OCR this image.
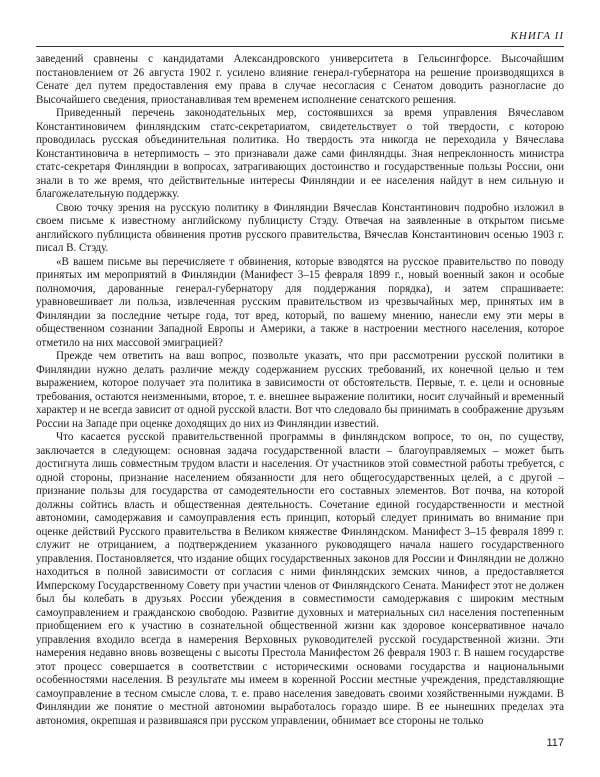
КНИГА II

заведений сравнены с кандидатами Александровского университета в Гельсингфорсе. Высочайшим постановлением от 26 августа 1902 г. усилено влияние генерал-губернатора на решение производящихся в Сенате дел путем предоставления ему права в случае несогласия с Сенатом доводить разногласие до Высочайшего сведения, приостанавливая тем временем исполнение сенатского решения.

Приведенный перечень законодательных мер, состоявшихся за время управления Вячеславом Константиновичем финляндским статс-секретариатом, свидетельствует о той твердости, с которою проводилась русская объединительная политика. Но твердость эта никогда не переходила у Вячеслава Константиновича в нетерпимость – это признавали даже сами финляндцы. Зная непреклонность министра статс-секретаря Финляндии в вопросах, затрагивающих достоинство и государственные пользы России, они знали в то же время, что действительные интересы Финляндии и ее населения найдут в нем сильную и благожелательную поддержку.

Свою точку зрения на русскую политику в Финляндии Вячеслав Константинович подробно изложил в своем письме к известному английскому публицисту Стэду. Отвечая на заявленные в открытом письме английского публициста обвинения против русского правительства, Вячеслав Константинович осенью 1903 г. писал В. Стэду.

«В вашем письме вы перечисляете т обвинения, которые взводятся на русское правительство по поводу принятых им мероприятий в Финляндии (Манифест 3–15 февраля 1899 г., новый военный закон и особые полномочия, дарованные генерал-губернатору для поддержания порядка), и затем спрашиваете: уравновешивает ли польза, извлеченная русским правительством из чрезвычайных мер, принятых им в Финляндии за последние четыре года, тот вред, который, по вашему мнению, нанесли ему эти меры в общественном сознании Западной Европы и Америки, а также в настроении местного населения, которое отметило на них массовой эмиграцией?

Прежде чем ответить на ваш вопрос, позвольте указать, что при рассмотрении русской политики в Финляндии нужно делать различие между содержанием русских требований, их конечной целью и тем выражением, которое получает эта политика в зависимости от обстоятельств. Первые, т. е. цели и основные требования, остаются неизменными, второе, т. е. внешнее выражение политики, носит случайный и временный характер и не всегда зависит от одной русской власти. Вот что следовало бы принимать в соображение друзьям России на Западе при оценке доходящих до них из Финляндии известий.

Что касается русской правительственной программы в финляндском вопросе, то он, по существу, заключается в следующем: основная задача государственной власти – благоуправляемых – может быть достигнута лишь совместным трудом власти и населения. От участников этой совместной работы требуется, с одной стороны, признание населением обязанности для него общегосударственных целей, а с другой – признание пользы для государства от самодеятельности его составных элементов. Вот почва, на которой должны сойтись власть и общественная деятельность. Сочетание единой государственности и местной автономии, самодержавия и самоуправления есть принцип, который следует принимать во внимание при оценке действий Русского правительства в Великом княжестве Финляндском. Манифест 3–15 февраля 1899 г. служит не отрицанием, а подтверждением указанного руководящего начала нашего государственного управления. Постановляется, что издание общих государственных законов для России и Финляндии не должно находиться в полной зависимости от согласия с ними финляндских земских чинов, а предоставляется Имперскому Государственному Совету при участии членов от Финляндского Сената. Манифест этот не должен был бы колебать в друзьях России убеждения в совместимости самодержавия с широким местным самоуправлением и гражданскою свободою. Развитие духовных и материальных сил населения постепенным приобщением его к участию в сознательной общественной жизни как здоровое консервативное начало управления входило всегда в намерения Верховных руководителей русской государственной жизни. Эти намерения недавно вновь возвещены с высоты Престола Манифестом 26 февраля 1903 г. В нашем государстве этот процесс совершается в соответствии с историческими основами государства и национальными особенностями населения. В результате мы имеем в коренной России местные учреждения, представляющие самоуправление в тесном смысле слова, т. е. право населения заведовать своими хозяйственными нуждами. В Финляндии же понятие о местной автономии выработалось гораздо шире. В ее нынешних пределах эта автономия, окрепшая и развившаяся при русском управлении, обнимает все стороны не только

117
